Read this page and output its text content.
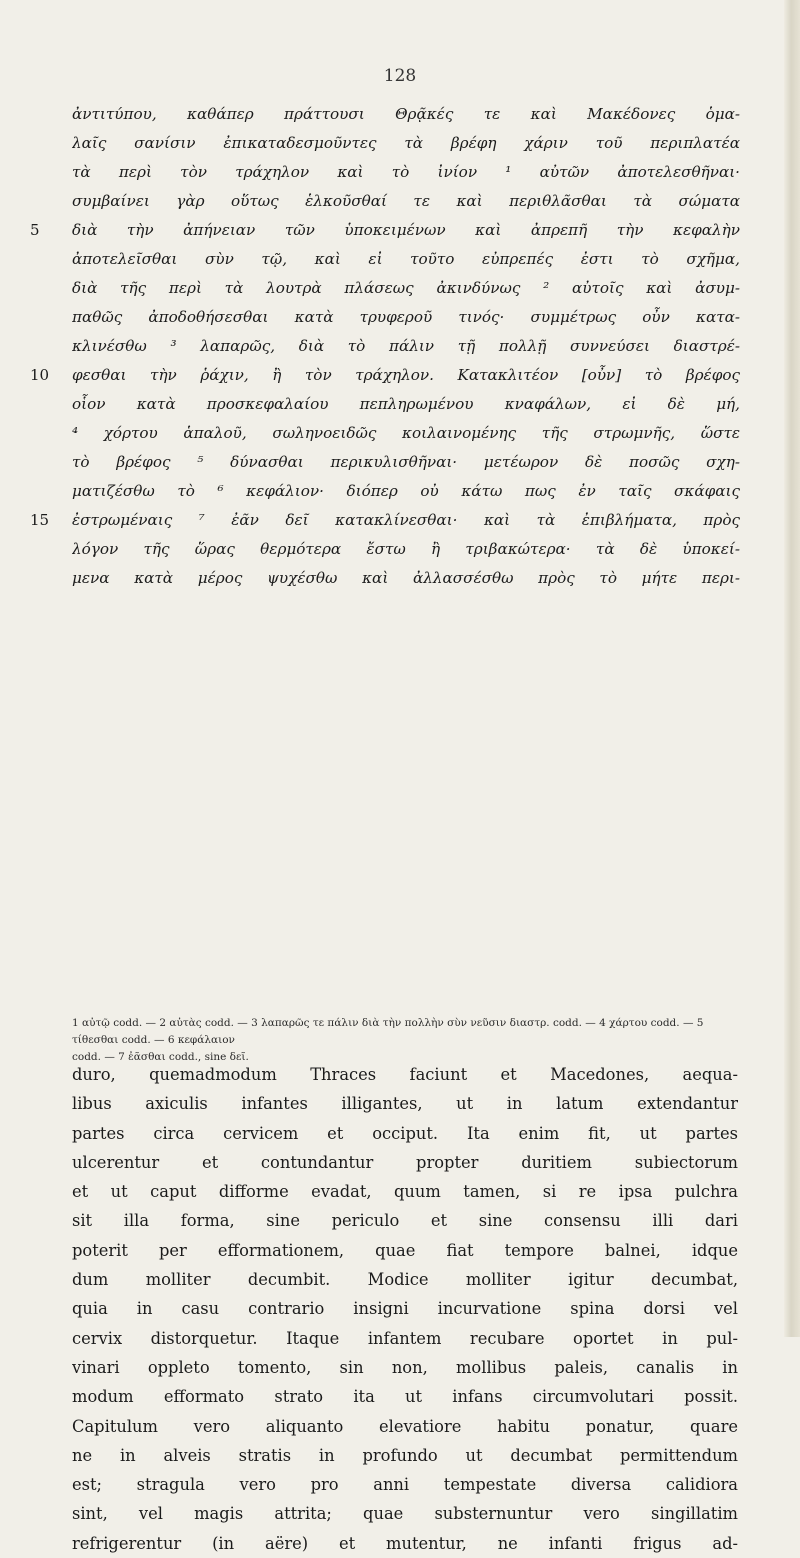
128
ἀντιτύπου, καθάπερ πράττουσι Θρᾷκές τε καὶ Μακέδονες ὁμα-
λαῖς σανίσιν ἐπικαταδεσμοῦντες τὰ βρέφη χάριν τοῦ περιπλατέα
τὰ περὶ τὸν τράχηλον καὶ τὸ ἰνίον ¹ αὐτῶν ἀποτελεσθῆναι·
συμβαίνει γὰρ οὕτως ἑλκοῦσθαί τε καὶ περιθλᾶσθαι τὰ σώματα
5	διὰ τὴν ἀπήνειαν τῶν ὑποκειμένων καὶ ἀπρεπῆ τὴν κεφαλὴν
ἀποτελεῖσθαι σὺν τῷ, καὶ εἰ τοῦτο εὐπρεπές ἐστι τὸ σχῆμα,
διὰ τῆς περὶ τὰ λουτρὰ πλάσεως ἀκινδύνως ² αὐτοῖς καὶ ἀσυμ-
παθῶς ἀποδοθήσεσθαι κατὰ τρυφεροῦ τινός· συμμέτρως οὖν κατα-
κλινέσθω ³ λαπαρῶς, διὰ τὸ πάλιν τῇ πολλῇ συννεύσει διαστρέ-
10	φεσθαι τὴν ῥάχιν, ἢ τὸν τράχηλον. Κατακλιτέον [οὖν] τὸ βρέφος
οἷον κατὰ προσκεφαλαίου πεπληρωμένου κναφάλων, εἰ δὲ μή,
⁴ χόρτου ἁπαλοῦ, σωληνοειδῶς κοιλαινομένης τῆς στρωμνῆς, ὥστε
τὸ βρέφος ⁵ δύνασθαι περικυλισθῆναι· μετέωρον δὲ ποσῶς σχη-
ματιζέσθω τὸ ⁶ κεφάλιον· διόπερ οὐ κάτω πως ἐν ταῖς σκάφαις
15	ἐστρωμέναις ⁷ ἐᾶν δεῖ κατακλίνεσθαι· καὶ τὰ ἐπιβλήματα, πρὸς
λόγον τῆς ὥρας θερμότερα ἔστω ἢ τριβακώτερα· τὰ δὲ ὑποκεί-
μενα κατὰ μέρος ψυχέσθω καὶ ἀλλασσέσθω πρὸς τὸ μήτε περι-
1 αὐτῷ codd. — 2 αὐτὰς codd. — 3 λαπαρῶς τε πάλιν διὰ τὴν πολλὴν σὺν νεῦσιν διαστρ. codd. — 4 χάρτου codd. — 5 τίθεσθαι codd. — 6 κεφάλαιον
codd. — 7 ἐᾶσθαι codd., sine δεῖ.
duro, quemadmodum Thraces faciunt et Macedones, aequa-
libus axiculis infantes illigantes, ut in latum extendantur
partes circa cervicem et occiput. Ita enim fit, ut partes
ulcerentur et contundantur propter duritiem subiectorum
et ut caput difforme evadat, quum tamen, si re ipsa pulchra
sit illa forma, sine periculo et sine consensu illi dari
poterit per efformationem, quae fiat tempore balnei, idque
dum molliter decumbit. Modice molliter igitur decumbat,
quia in casu contrario insigni incurvatione spina dorsi vel
cervix distorquetur. Itaque infantem recubare oportet in pul-
vinari oppleto tomento, sin non, mollibus paleis, canalis in
modum efformato strato ita ut infans circumvolutari possit.
Capitulum vero aliquanto elevatiore habitu ponatur, quare
ne in alveis stratis in profundo ut decumbat permittendum
est; stragula vero pro anni tempestate diversa calidiora
sint, vel magis attrita; quae substernuntur vero singillatim
refrigerentur (in aëre) et mutentur, ne infanti frigus ad-
